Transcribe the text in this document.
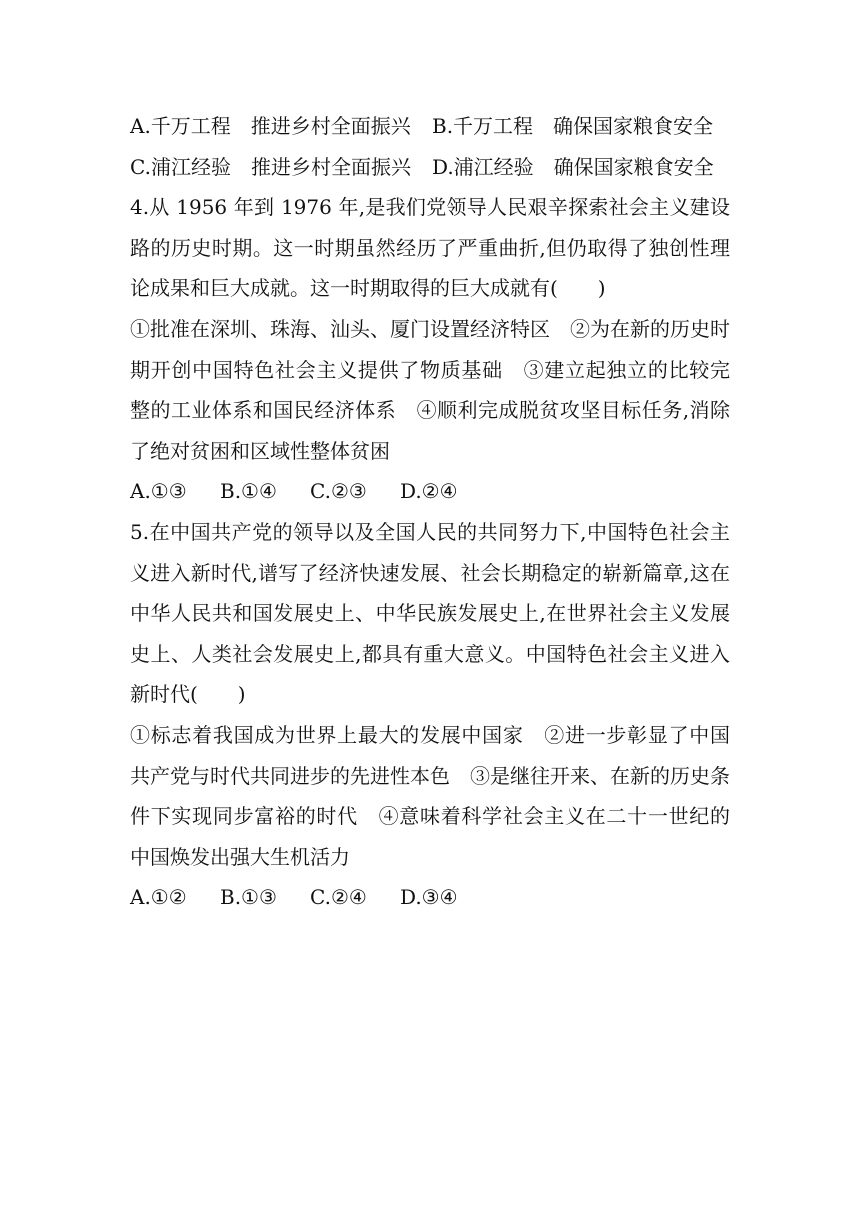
A.千万工程　推进乡村全面振兴 B.千万工程　确保国家粮食安全
C.浦江经验　推进乡村全面振兴 D.浦江经验　确保国家粮食安全
4.从 1956 年到 1976 年,是我们党领导人民艰辛探索社会主义建设
路的历史时期。这一时期虽然经历了严重曲折,但仍取得了独创性理
论成果和巨大成就。这一时期取得的巨大成就有(　　)
①批准在深圳、珠海、汕头、厦门设置经济特区　②为在新的历史时
期开创中国特色社会主义提供了物质基础　③建立起独立的比较完
整的工业体系和国民经济体系　④顺利完成脱贫攻坚目标任务,消除
了绝对贫困和区域性整体贫困
A.①③ B.①④ C.②③ D.②④
5.在中国共产党的领导以及全国人民的共同努力下,中国特色社会主
义进入新时代,谱写了经济快速发展、社会长期稳定的崭新篇章,这在
中华人民共和国发展史上、中华民族发展史上,在世界社会主义发展
史上、人类社会发展史上,都具有重大意义。中国特色社会主义进入
新时代(　　)
①标志着我国成为世界上最大的发展中国家　②进一步彰显了中国
共产党与时代共同进步的先进性本色　③是继往开来、在新的历史条
件下实现同步富裕的时代　④意味着科学社会主义在二十一世纪的
中国焕发出强大生机活力
A.①② B.①③ C.②④ D.③④
